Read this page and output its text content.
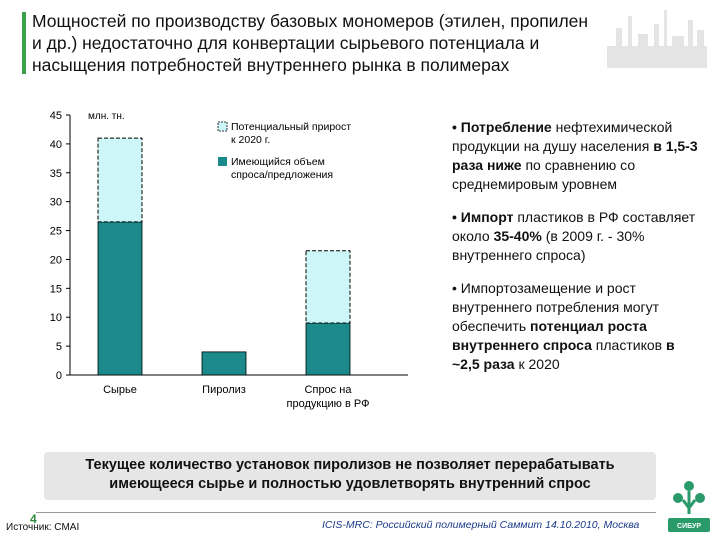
Мощностей по производству базовых мономеров (этилен, пропилен
и др.) недостаточно для конвертации сырьевого потенциала и
насыщения потребностей внутреннего рынка в полимерах
0
5
10
15
20
25
30
35
40
45	млн. тн.
Сырье	Пиролиз	Спрос на
продукцию в РФ
Потенциальный прирост
к 2020 г.
Имеющийся объем
спроса/предложения
• Потребление нефтехимической продукции на душу населения в 1,5-3 раза ниже по сравнению со среднемировым уровнем
• Импорт пластиков в РФ составляет около 35-40% (в 2009 г. - 30% внутреннего спроса)
• Импортозамещение и рост внутреннего потребления могут обеспечить потенциал роста внутреннего спроса пластиков в ~2,5 раза к 2020
Текущее количество установок пиролизов не позволяет перерабатывать
имеющееся сырье и полностью удовлетворять внутренний спрос
4
Источник: CMAI	ICIS-MRC: Российский полимерный Саммит 14.10.2010, Москва	СИБУР
